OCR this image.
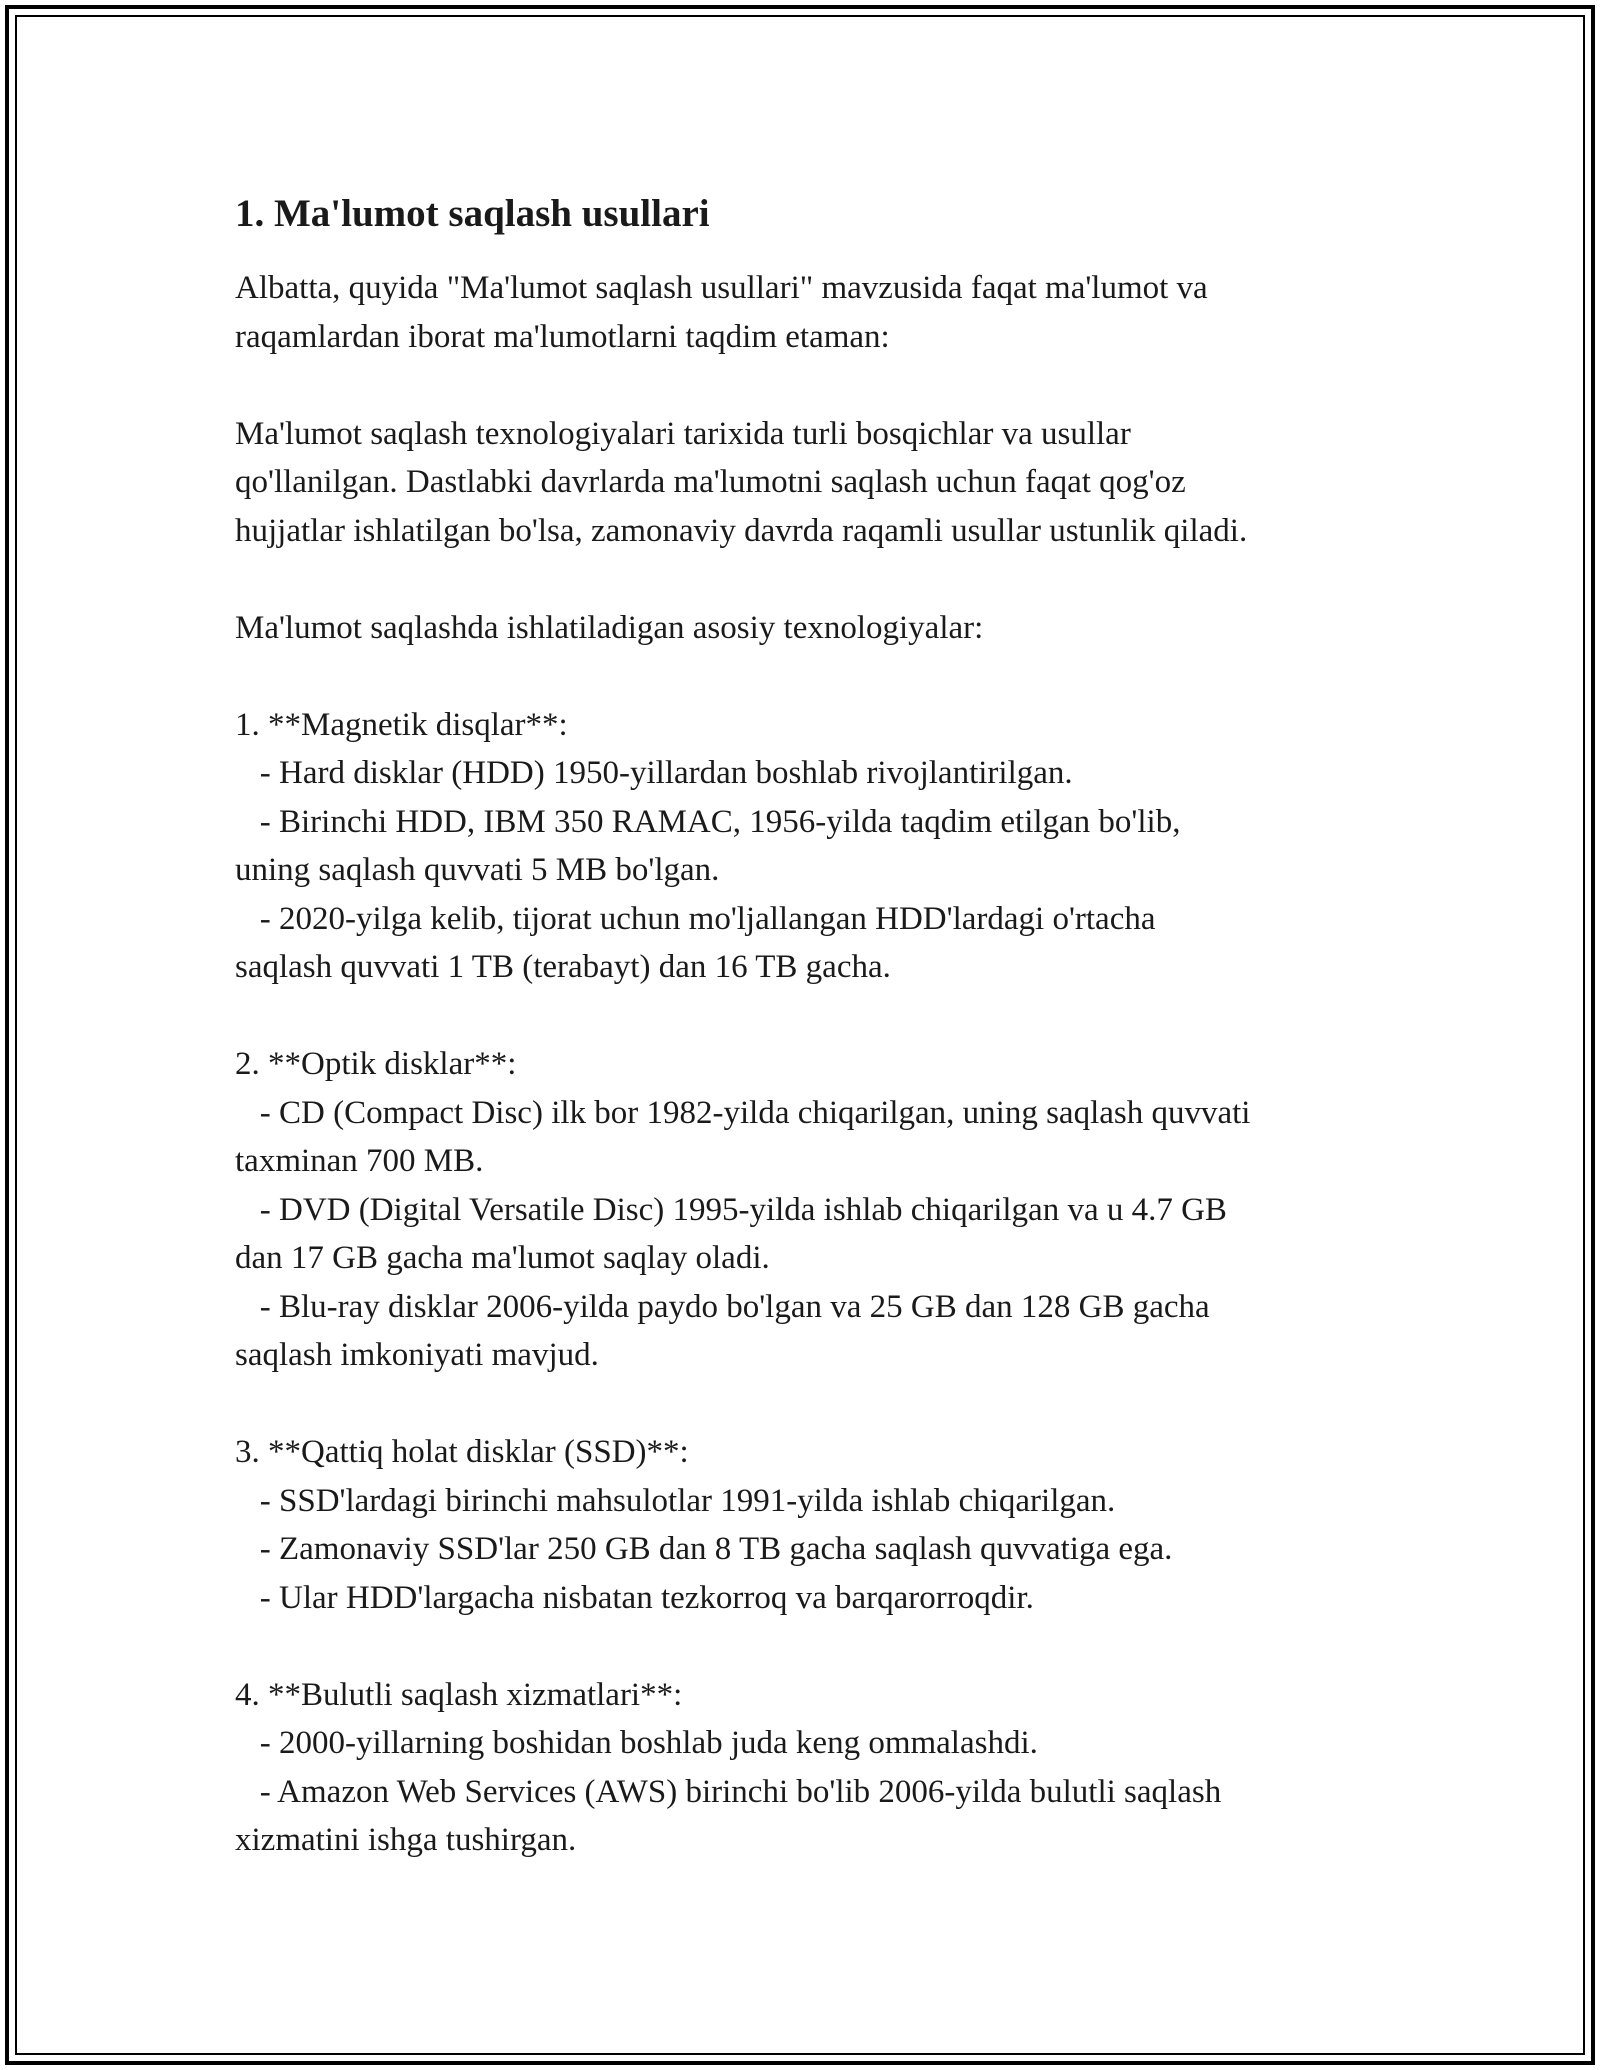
1. Ma'lumot saqlash usullari

Albatta, quyida "Ma'lumot saqlash usullari" mavzusida faqat ma'lumot va
raqamlardan iborat ma'lumotlarni taqdim etaman:

Ma'lumot saqlash texnologiyalari tarixida turli bosqichlar va usullar
qo'llanilgan. Dastlabki davrlarda ma'lumotni saqlash uchun faqat qog'oz
hujjatlar ishlatilgan bo'lsa, zamonaviy davrda raqamli usullar ustunlik qiladi.

Ma'lumot saqlashda ishlatiladigan asosiy texnologiyalar:

1. **Magnetik disqlar**:

- Hard disklar (HDD) 1950-yillardan boshlab rivojlantirilgan.

- Birinchi HDD, IBM 350 RAMAC, 1956-yilda taqdim etilgan bo'lib,
uning saqlash quvvati 5 MB bo'lgan.

- 2020-yilga kelib, tijorat uchun mo'ljallangan HDD'lardagi o'rtacha
saqlash quvvati 1 TB (terabayt) dan 16 TB gacha.

2. **Optik disklar**:

- CD (Compact Disc) ilk bor 1982-yilda chiqarilgan, uning saqlash quvvati
taxminan 700 MB.

- DVD (Digital Versatile Disc) 1995-yilda ishlab chiqarilgan va u 4.7 GB
dan 17 GB gacha ma'lumot saqlay oladi.

- Blu-ray disklar 2006-yilda paydo bo'lgan va 25 GB dan 128 GB gacha
saqlash imkoniyati mavjud.

3. **Qattiq holat disklar (SSD)**:

- SSD'lardagi birinchi mahsulotlar 1991-yilda ishlab chiqarilgan.

- Zamonaviy SSD'lar 250 GB dan 8 TB gacha saqlash quvvatiga ega.

- Ular HDD'largacha nisbatan tezkorroq va barqarorroqdir.

4. **Bulutli saqlash xizmatlari**:

- 2000-yillarning boshidan boshlab juda keng ommalashdi.

- Amazon Web Services (AWS) birinchi bo'lib 2006-yilda bulutli saqlash
xizmatini ishga tushirgan.
